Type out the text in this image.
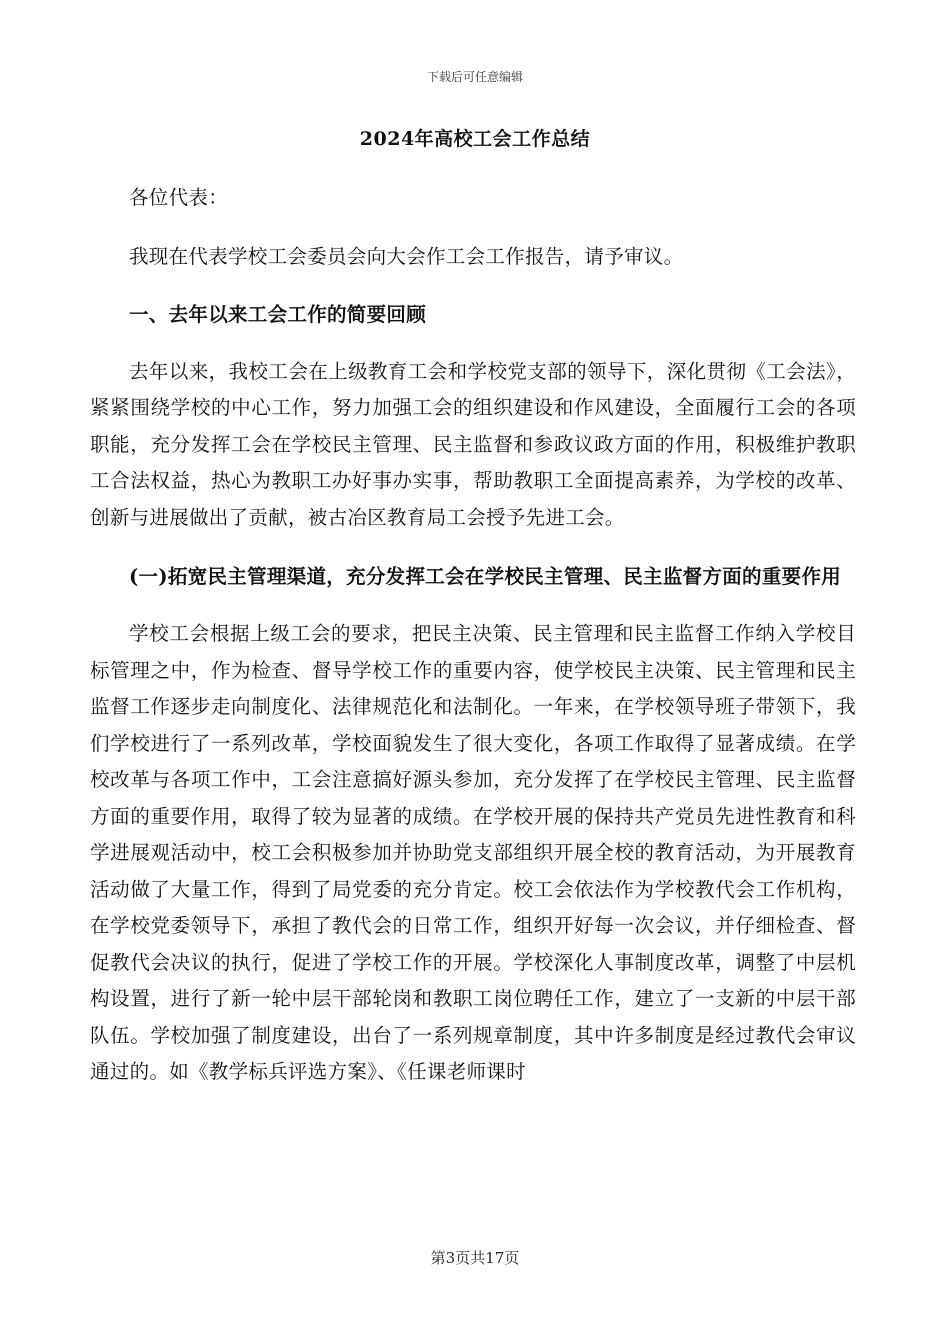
下载后可任意编辑
2024年高校工会工作总结

各位代表：

我现在代表学校工会委员会向大会作工会工作报告，请予审议。

一、去年以来工会工作的简要回顾

去年以来，我校工会在上级教育工会和学校党支部的领导下，深化贯彻《工会法》，紧紧围绕学校的中心工作，努力加强工会的组织建设和作风建设，全面履行工会的各项职能，充分发挥工会在学校民主管理、民主监督和参政议政方面的作用，积极维护教职工合法权益，热心为教职工办好事办实事，帮助教职工全面提高素养，为学校的改革、创新与进展做出了贡献，被古冶区教育局工会授予先进工会。

(一)拓宽民主管理渠道，充分发挥工会在学校民主管理、民主监督方面的重要作用

学校工会根据上级工会的要求，把民主决策、民主管理和民主监督工作纳入学校目标管理之中，作为检查、督导学校工作的重要内容，使学校民主决策、民主管理和民主监督工作逐步走向制度化、法律规范化和法制化。一年来，在学校领导班子带领下，我们学校进行了一系列改革，学校面貌发生了很大变化，各项工作取得了显著成绩。在学校改革与各项工作中，工会注意搞好源头参加，充分发挥了在学校民主管理、民主监督方面的重要作用，取得了较为显著的成绩。在学校开展的保持共产党员先进性教育和科学进展观活动中，校工会积极参加并协助党支部组织开展全校的教育活动，为开展教育活动做了大量工作，得到了局党委的充分肯定。校工会依法作为学校教代会工作机构，在学校党委领导下，承担了教代会的日常工作，组织开好每一次会议，并仔细检查、督促教代会决议的执行，促进了学校工作的开展。学校深化人事制度改革，调整了中层机构设置，进行了新一轮中层干部轮岗和教职工岗位聘任工作，建立了一支新的中层干部队伍。学校加强了制度建设，出台了一系列规章制度，其中许多制度是经过教代会审议通过的。如《教学标兵评选方案》、《任课老师课时

第3页共17页
